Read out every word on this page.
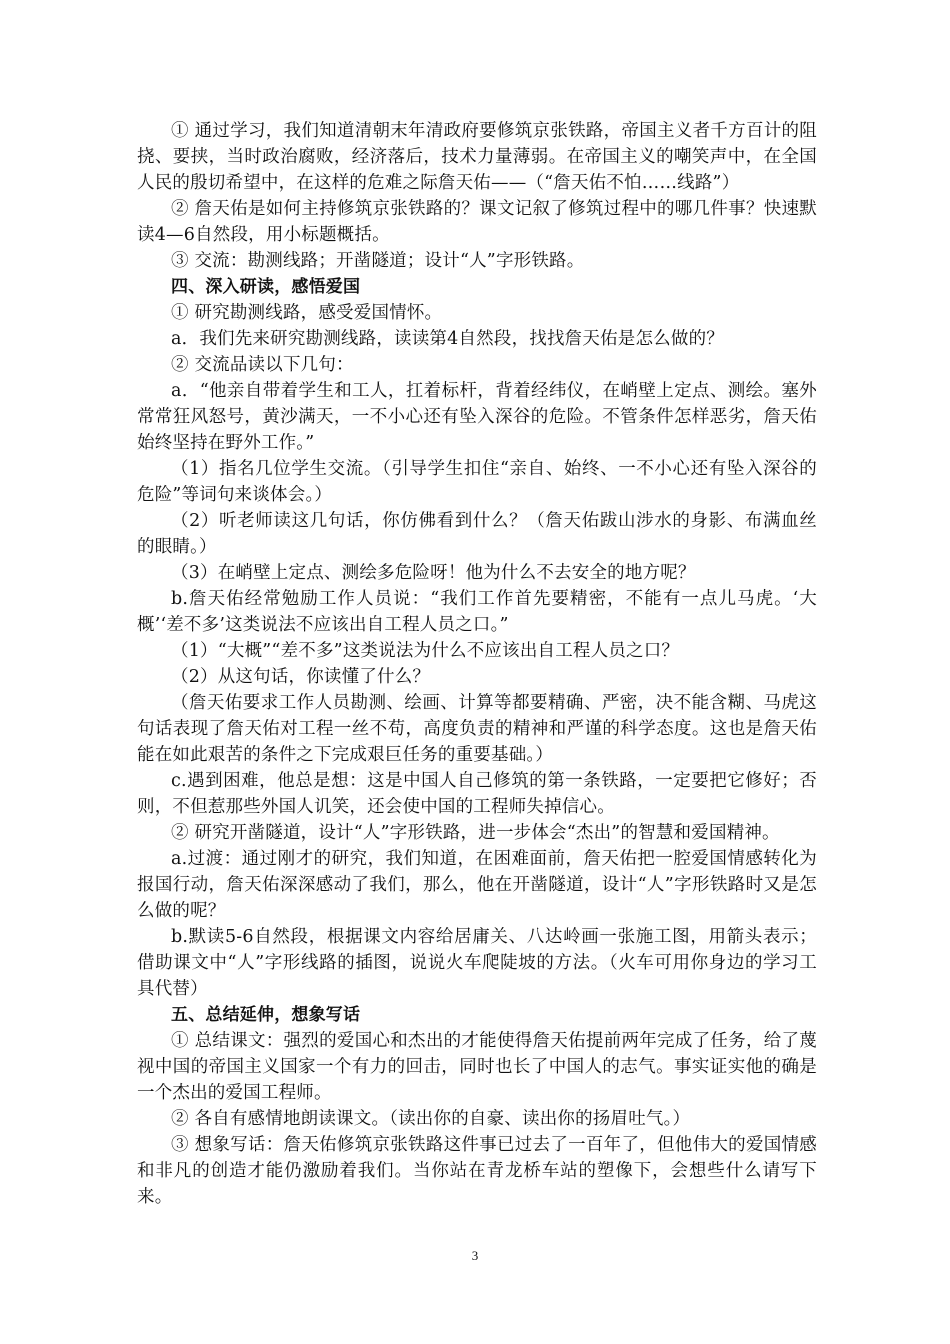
① 通过学习，我们知道清朝末年清政府要修筑京张铁路，帝国主义者千方百计的阻挠、要挟，当时政治腐败，经济落后，技术力量薄弱。在帝国主义的嘲笑声中，在全国人民的殷切希望中，在这样的危难之际詹天佑——（“詹天佑不怕……线路”）

② 詹天佑是如何主持修筑京张铁路的？课文记叙了修筑过程中的哪几件事？快速默读4—6自然段，用小标题概括。

③ 交流：勘测线路；开凿隧道；设计“人”字形铁路。

四、深入研读，感悟爱国

① 研究勘测线路，感受爱国情怀。

a．我们先来研究勘测线路，读读第4自然段，找找詹天佑是怎么做的？

② 交流品读以下几句：

a．“他亲自带着学生和工人，扛着标杆，背着经纬仪，在峭壁上定点、测绘。塞外常常狂风怒号，黄沙满天，一不小心还有坠入深谷的危险。不管条件怎样恶劣，詹天佑始终坚持在野外工作。”

（1）指名几位学生交流。（引导学生扣住“亲自、始终、一不小心还有坠入深谷的危险”等词句来谈体会。）

（2）听老师读这几句话，你仿佛看到什么？（詹天佑跋山涉水的身影、布满血丝的眼睛。）

（3）在峭壁上定点、测绘多危险呀！他为什么不去安全的地方呢？

b.詹天佑经常勉励工作人员说：“我们工作首先要精密，不能有一点儿马虎。‘大概’‘差不多’这类说法不应该出自工程人员之口。”

（1）“大概”“差不多”这类说法为什么不应该出自工程人员之口？

（2）从这句话，你读懂了什么？

（詹天佑要求工作人员勘测、绘画、计算等都要精确、严密，决不能含糊、马虎这句话表现了詹天佑对工程一丝不苟，高度负责的精神和严谨的科学态度。这也是詹天佑能在如此艰苦的条件之下完成艰巨任务的重要基础。）

c.遇到困难，他总是想：这是中国人自己修筑的第一条铁路，一定要把它修好；否则，不但惹那些外国人讥笑，还会使中国的工程师失掉信心。

② 研究开凿隧道，设计“人”字形铁路，进一步体会“杰出”的智慧和爱国精神。

a.过渡：通过刚才的研究，我们知道，在困难面前，詹天佑把一腔爱国情感转化为报国行动，詹天佑深深感动了我们，那么，他在开凿隧道，设计“人”字形铁路时又是怎么做的呢？

b.默读5-6自然段，根据课文内容给居庸关、八达岭画一张施工图，用箭头表示；借助课文中“人”字形线路的插图，说说火车爬陡坡的方法。（火车可用你身边的学习工具代替）

五、总结延伸，想象写话

① 总结课文：强烈的爱国心和杰出的才能使得詹天佑提前两年完成了任务，给了蔑视中国的帝国主义国家一个有力的回击，同时也长了中国人的志气。事实证实他的确是一个杰出的爱国工程师。

② 各自有感情地朗读课文。（读出你的自豪、读出你的扬眉吐气。）

③ 想象写话：詹天佑修筑京张铁路这件事已过去了一百年了，但他伟大的爱国情感和非凡的创造才能仍激励着我们。当你站在青龙桥车站的塑像下，会想些什么请写下来。

3
